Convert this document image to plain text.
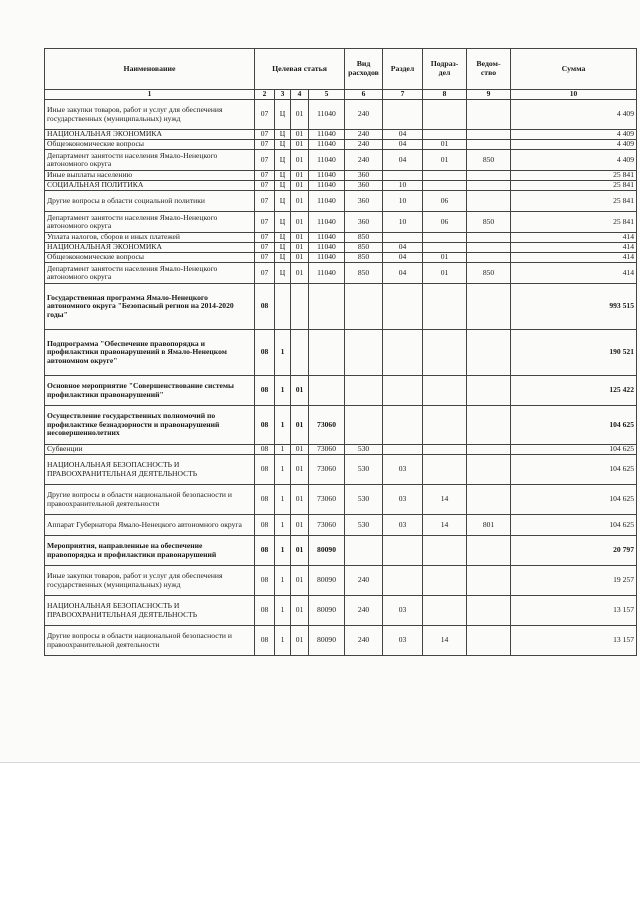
Наименование	Целевая статья				Вид расходов	Раздел	Подраз-дел	Ведом-ство	Сумма
1	2	3	4	5	6	7	8	9	10
Иные закупки товаров, работ и услуг для обеспечения государственных (муниципальных) нужд	07	Ц	01	11040	240				4 409
НАЦИОНАЛЬНАЯ ЭКОНОМИКА	07	Ц	01	11040	240	04			4 409
Общеэкономические вопросы	07	Ц	01	11040	240	04	01		4 409
Департамент занятости населения Ямало-Ненецкого автономного округа	07	Ц	01	11040	240	04	01	850	4 409
Иные выплаты населению	07	Ц	01	11040	360				25 841
СОЦИАЛЬНАЯ ПОЛИТИКА	07	Ц	01	11040	360	10			25 841
Другие вопросы в области социальной политики	07	Ц	01	11040	360	10	06		25 841
Департамент занятости населения Ямало-Ненецкого автономного округа	07	Ц	01	11040	360	10	06	850	25 841
Уплата налогов, сборов и иных платежей	07	Ц	01	11040	850				414
НАЦИОНАЛЬНАЯ ЭКОНОМИКА	07	Ц	01	11040	850	04			414
Общеэкономические вопросы	07	Ц	01	11040	850	04	01		414
Департамент занятости населения Ямало-Ненецкого автономного округа	07	Ц	01	11040	850	04	01	850	414
Государственная программа Ямало-Ненецкого автономного округа "Безопасный регион на 2014-2020 годы"	08								993 515
Подпрограмма "Обеспечение правопорядка и профилактики правонарушений в Ямало-Ненецком автономном округе"	08	1							190 521
Основное мероприятие "Совершенствование системы профилактики правонарушений"	08	1	01						125 422
Осуществление государственных полномочий по профилактике безнадзорности и правонарушений несовершеннолетних	08	1	01	73060					104 625
Субвенции	08	1	01	73060	530				104 625
НАЦИОНАЛЬНАЯ БЕЗОПАСНОСТЬ И ПРАВООХРАНИТЕЛЬНАЯ ДЕЯТЕЛЬНОСТЬ	08	1	01	73060	530	03			104 625
Другие вопросы в области национальной безопасности и правоохранительной деятельности	08	1	01	73060	530	03	14		104 625
Аппарат Губернатора Ямало-Ненецкого автономного округа	08	1	01	73060	530	03	14	801	104 625
Мероприятия, направленные на обеспечение правопорядка и профилактики правонарушений	08	1	01	80090					20 797
Иные закупки товаров, работ и услуг для обеспечения государственных (муниципальных) нужд	08	1	01	80090	240				19 257
НАЦИОНАЛЬНАЯ БЕЗОПАСНОСТЬ И ПРАВООХРАНИТЕЛЬНАЯ ДЕЯТЕЛЬНОСТЬ	08	1	01	80090	240	03			13 157
Другие вопросы в области национальной безопасности и правоохранительной деятельности	08	1	01	80090	240	03	14		13 157
